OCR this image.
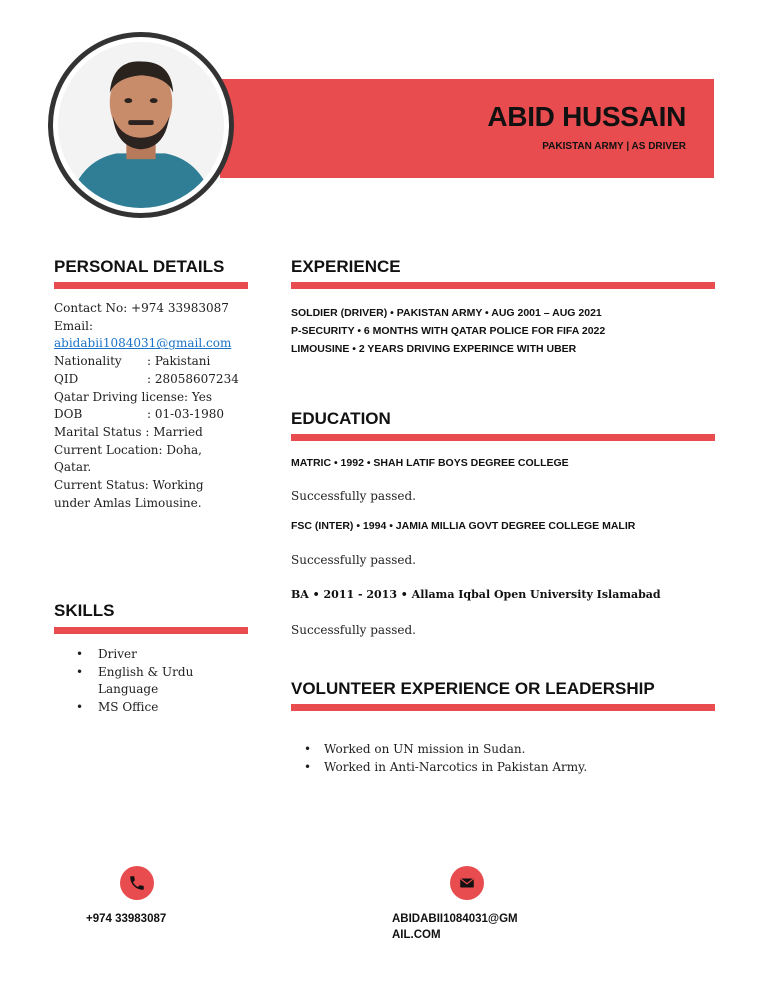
ABID HUSSAIN
PAKISTAN ARMY | AS DRIVER
PERSONAL DETAILS
Contact No: +974 33983087
Email:
abidabii1084031@gmail.com
Nationality : Pakistani
QID	: 28058607234
Qatar Driving license: Yes
DOB	: 01-03-1980
Marital Status : Married
Current Location: Doha,
Qatar.
Current Status: Working
under Amlas Limousine.
SKILLS
• Driver
• English & Urdu Language
• MS Office
EXPERIENCE
SOLDIER (DRIVER) • PAKISTAN ARMY • AUG 2001 – AUG 2021
P-SECURITY • 6 MONTHS WITH QATAR POLICE FOR FIFA 2022
LIMOUSINE • 2 YEARS DRIVING EXPERINCE WITH UBER
EDUCATION
MATRIC • 1992 • SHAH LATIF BOYS DEGREE COLLEGE
Successfully passed.
FSC (INTER) • 1994 • JAMIA MILLIA GOVT DEGREE COLLEGE MALIR
Successfully passed.
BA • 2011 - 2013 • Allama Iqbal Open University Islamabad
Successfully passed.
VOLUNTEER EXPERIENCE OR LEADERSHIP
• Worked on UN mission in Sudan.
• Worked in Anti-Narcotics in Pakistan Army.
+974 33983087	ABIDABII1084031@GM
AIL.COM
